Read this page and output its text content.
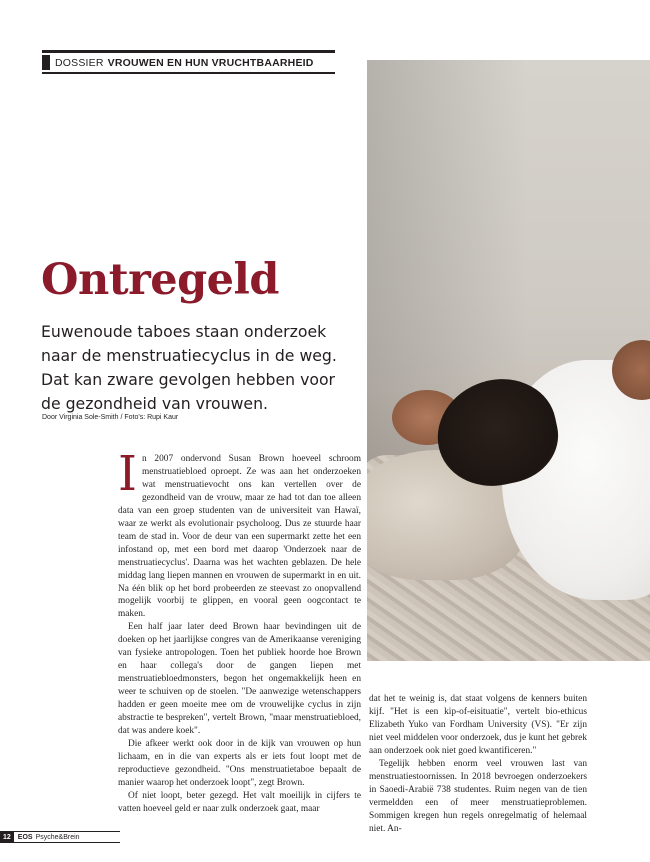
DOSSIER VROUWEN EN HUN VRUCHTBAARHEID
Ontregeld

Euwenoude taboes staan onderzoek naar de menstruatiecyclus in de weg. Dat kan zware gevolgen hebben voor de gezondheid van vrouwen.

Door Virginia Sole-Smith / Foto's: Rupi Kaur

I n 2007 ondervond Susan Brown hoeveel schroom menstruatiebloed oproept. Ze was aan het onderzoeken wat menstruatievocht ons kan vertellen over de gezondheid van de vrouw, maar ze had tot dan toe alleen data van een groep studenten van de universiteit van Hawaï, waar ze werkt als evolutionair psycholoog. Dus ze stuurde haar team de stad in. Voor de deur van een supermarkt zette het een infostand op, met een bord met daarop 'Onderzoek naar de menstruatiecyclus'. Daarna was het wachten geblazen. De hele middag lang liepen mannen en vrouwen de supermarkt in en uit. Na één blik op het bord probeerden ze steevast zo onopvallend mogelijk voorbij te glippen, en vooral geen oogcontact te maken.

Een half jaar later deed Brown haar bevindingen uit de doeken op het jaarlijkse congres van de Amerikaanse vereniging van fysieke antropologen. Toen het publiek hoorde hoe Brown en haar collega's door de gangen liepen met menstruatiebloedmonsters, begon het ongemakkelijk heen en weer te schuiven op de stoelen. "De aanwezige wetenschappers hadden er geen moeite mee om de vrouwelijke cyclus in zijn abstractie te bespreken", vertelt Brown, "maar menstruatiebloed, dat was andere koek".

Die afkeer werkt ook door in de kijk van vrouwen op hun lichaam, en in die van experts als er iets fout loopt met de reproductieve gezondheid. "Ons menstruatietaboe bepaalt de manier waarop het onderzoek loopt", zegt Brown.

Of niet loopt, beter gezegd. Het valt moeilijk in cijfers te vatten hoeveel geld er naar zulk onderzoek gaat, maar

dat het te weinig is, dat staat volgens de kenners buiten kijf. "Het is een kip-of-eisituatie", vertelt bio-ethicus Elizabeth Yuko van Fordham University (VS). "Er zijn niet veel middelen voor onderzoek, dus je kunt het gebrek aan onderzoek ook niet goed kwantificeren."

Tegelijk hebben enorm veel vrouwen last van menstruatiestoornissen. In 2018 bevroegen onderzoekers in Saoedi-Arabië 738 studentes. Ruim negen van de tien vermeldden een of meer menstruatieproblemen. Sommigen kregen hun regels onregelmatig of helemaal niet. An-

12	EOS Psyche&Brein
